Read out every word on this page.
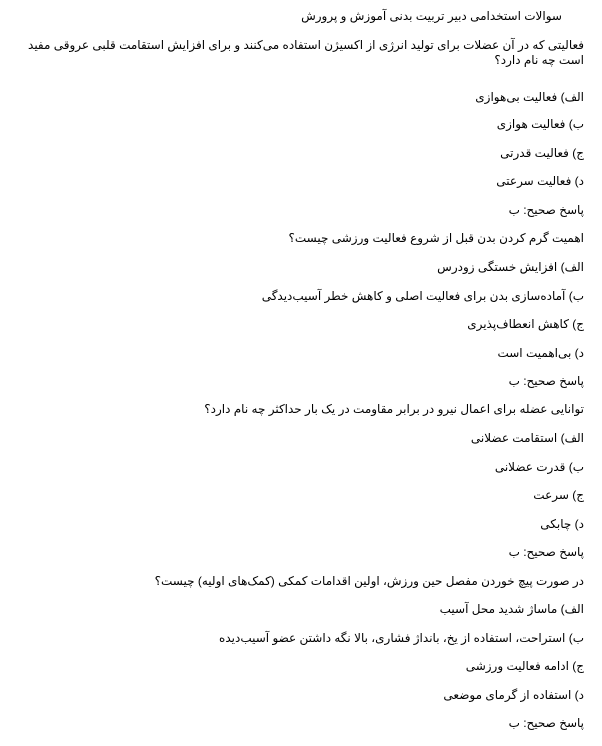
سوالات استخدامی دبیر تربیت بدنی آموزش و پرورش
فعالیتی که در آن عضلات برای تولید انرژی از اکسیژن استفاده می‌کنند و برای افزایش استقامت قلبی عروقی مفید است چه نام دارد؟
الف) فعالیت بی‌هوازی
ب) فعالیت هوازی
ج) فعالیت قدرتی
د) فعالیت سرعتی
پاسخ صحیح: ب
اهمیت گرم کردن بدن قبل از شروع فعالیت ورزشی چیست؟
الف) افزایش خستگی زودرس
ب) آماده‌سازی بدن برای فعالیت اصلی و کاهش خطر آسیب‌دیدگی
ج) کاهش انعطاف‌پذیری
د) بی‌اهمیت است
پاسخ صحیح: ب
توانایی عضله برای اعمال نیرو در برابر مقاومت در یک بار حداکثر چه نام دارد؟
الف) استقامت عضلانی
ب) قدرت عضلانی
ج) سرعت
د) چابکی
پاسخ صحیح: ب
در صورت پیچ خوردن مفصل حین ورزش، اولین اقدامات کمکی (کمک‌های اولیه) چیست؟
الف) ماساژ شدید محل آسیب
ب) استراحت، استفاده از یخ، بانداژ فشاری، بالا نگه داشتن عضو آسیب‌دیده
ج) ادامه فعالیت ورزشی
د) استفاده از گرمای موضعی
پاسخ صحیح: ب
